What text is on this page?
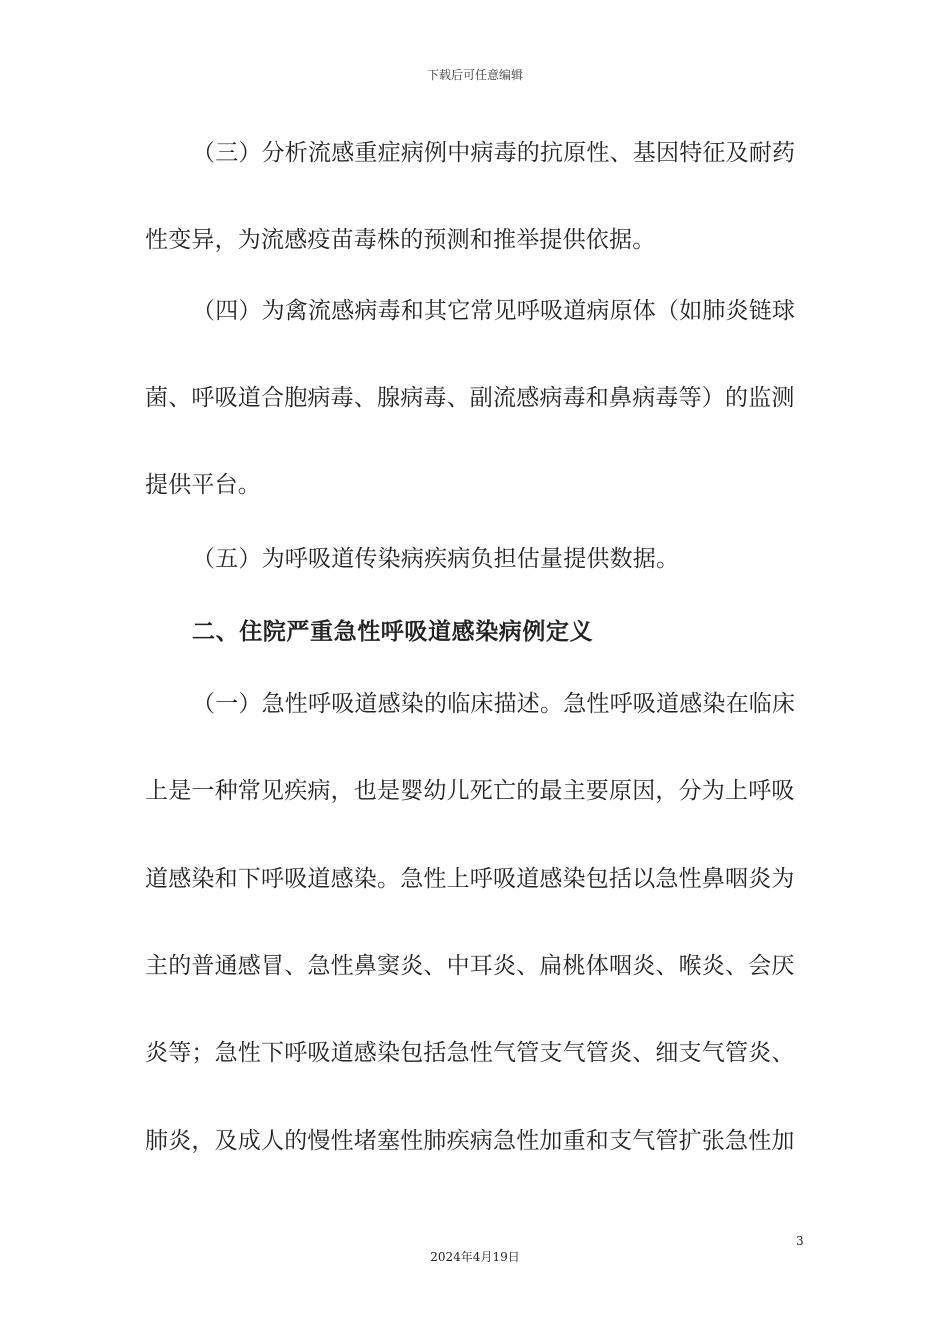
下载后可任意编辑
（三）分析流感重症病例中病毒的抗原性、基因特征及耐药
性变异，为流感疫苗毒株的预测和推举提供依据。
（四）为禽流感病毒和其它常见呼吸道病原体（如肺炎链球
菌、呼吸道合胞病毒、腺病毒、副流感病毒和鼻病毒等）的监测
提供平台。
（五）为呼吸道传染病疾病负担估量提供数据。
二、住院严重急性呼吸道感染病例定义
（一）急性呼吸道感染的临床描述。急性呼吸道感染在临床
上是一种常见疾病，也是婴幼儿死亡的最主要原因，分为上呼吸
道感染和下呼吸道感染。急性上呼吸道感染包括以急性鼻咽炎为
主的普通感冒、急性鼻窦炎、中耳炎、扁桃体咽炎、喉炎、会厌
炎等；急性下呼吸道感染包括急性气管支气管炎、细支气管炎、
肺炎，及成人的慢性堵塞性肺疾病急性加重和支气管扩张急性加
3
2024年4月19日
